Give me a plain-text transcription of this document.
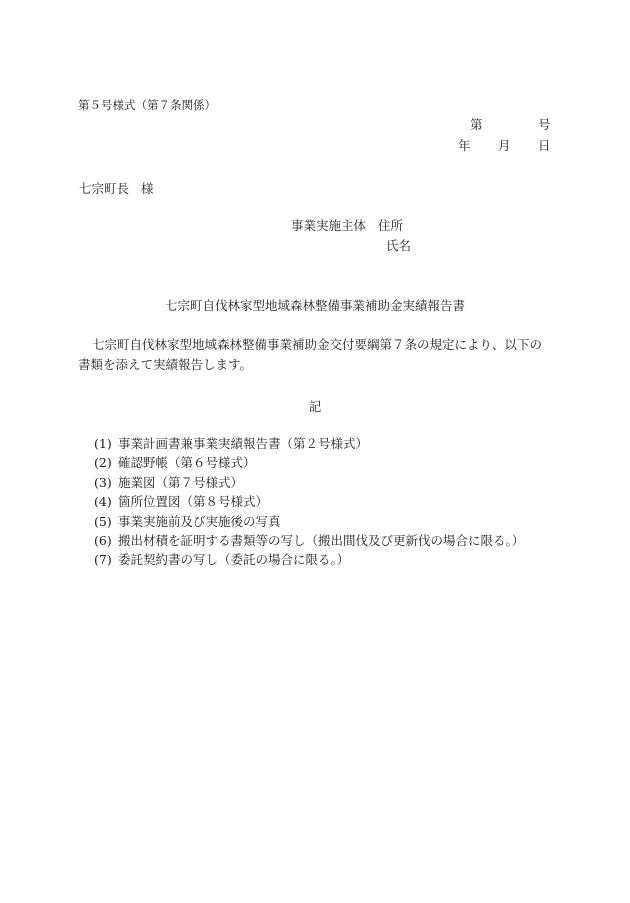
第５号様式（第７条関係）
第	号
年 月 日
七宗町長 様
事業実施主体 住所
氏名
七宗町自伐林家型地域森林整備事業補助金実績報告書
七宗町自伐林家型地域森林整備事業補助金交付要綱第７条の規定により、以下の書類を添えて実績報告します。
記
(1) 事業計画書兼事業実績報告書（第２号様式）
(2) 確認野帳（第６号様式）
(3) 施業図（第７号様式）
(4) 箇所位置図（第８号様式）
(5) 事業実施前及び実施後の写真
(6) 搬出材積を証明する書類等の写し（搬出間伐及び更新伐の場合に限る。）
(7) 委託契約書の写し（委託の場合に限る。）
